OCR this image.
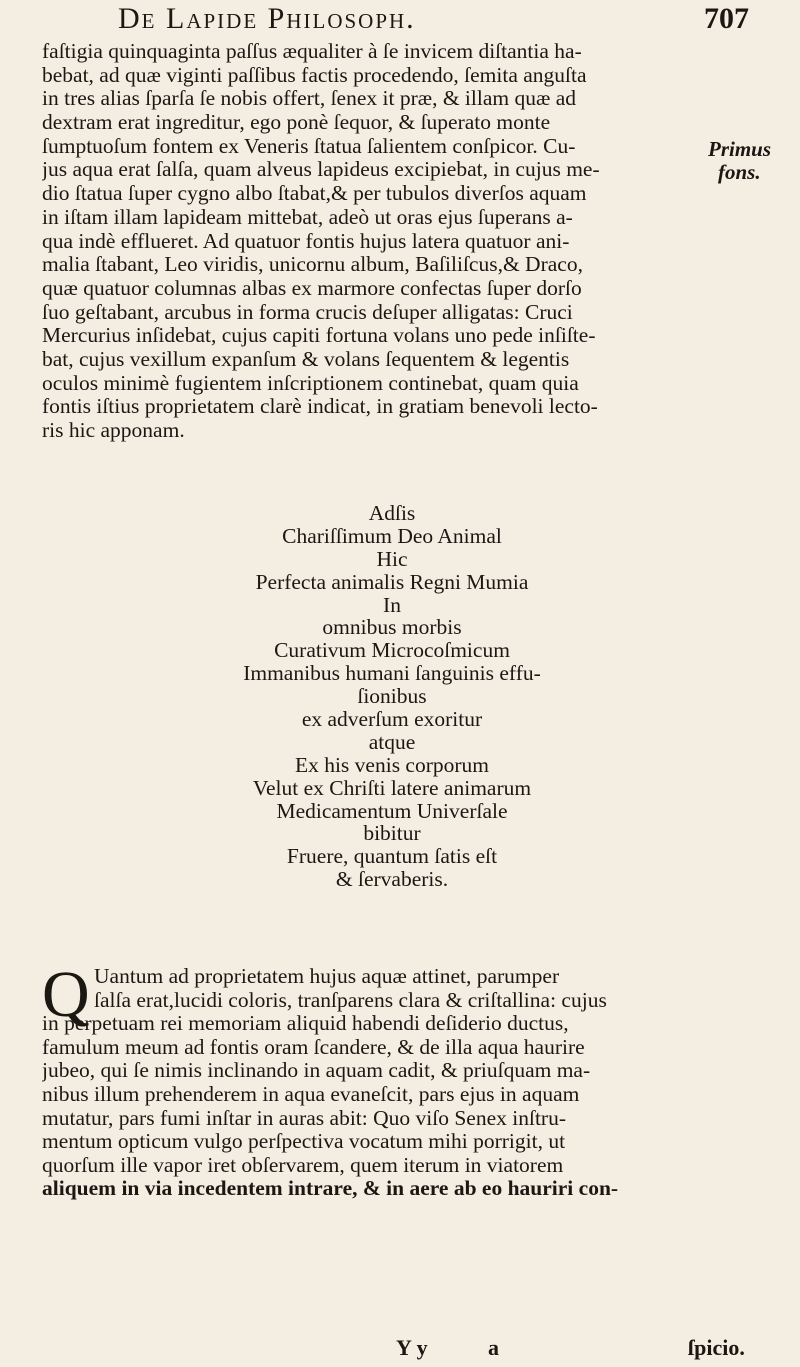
De Lapide Philosoph.	707
faſtigia quinquaginta paſſus æqualiter à ſe invicem diſtantia ha-
bebat, ad quæ viginti paſſibus factis procedendo, ſemita anguſta
in tres alias ſparſa ſe nobis offert, ſenex it præ, & illam quæ ad
dextram erat ingreditur, ego ponè ſequor, & ſuperato monte
ſumptuoſum fontem ex Veneris ſtatua ſalientem conſpicor. Cu-
jus aqua erat ſalſa, quam alveus lapideus excipiebat, in cujus me-
dio ſtatua ſuper cygno albo ſtabat,& per tubulos diverſos aquam
in iſtam illam lapideam mittebat, adeò ut oras ejus ſuperans a-
qua indè efflueret. Ad quatuor fontis hujus latera quatuor ani-
malia ſtabant, Leo viridis, unicornu album, Baſiliſcus,& Draco,
quæ quatuor columnas albas ex marmore confectas ſuper dorſo
ſuo geſtabant, arcubus in forma crucis deſuper alligatas: Cruci
Mercurius inſidebat, cujus capiti fortuna volans uno pede inſiſte-
bat, cujus vexillum expanſum & volans ſequentem & legentis
oculos minimè fugientem inſcriptionem continebat, quam quia
fontis iſtius proprietatem clarè indicat, in gratiam benevoli lecto-
ris hic apponam.
Primus
fons.
Adſis
Chariſſimum Deo Animal
Hic
Perfecta animalis Regni Mumia
In
omnibus morbis
Curativum Microcoſmicum
Immanibus humani ſanguinis effu-
ſionibus
ex adverſum exoritur
atque
Ex his venis corporum
Velut ex Chriſti latere animarum
Medicamentum Univerſale
bibitur
Fruere, quantum ſatis eſt
& ſervaberis.
Q Uantum ad proprietatem hujus aquæ attinet, parumper
ſalſa erat,lucidi coloris, tranſparens clara & criſtallina: cujus
in perpetuam rei memoriam aliquid habendi deſiderio ductus,
famulum meum ad fontis oram ſcandere, & de illa aqua haurire
jubeo, qui ſe nimis inclinando in aquam cadit, & priuſquam ma-
nibus illum prehenderem in aqua evaneſcit, pars ejus in aquam
mutatur, pars fumi inſtar in auras abit: Quo viſo Senex inſtru-
mentum opticum vulgo perſpectiva vocatum mihi porrigit, ut
quorſum ille vapor iret obſervarem, quem iterum in viatorem
aliquem in via incedentem intrare, & in aere ab eo hauriri con-
Y y	a	ſpicio.
